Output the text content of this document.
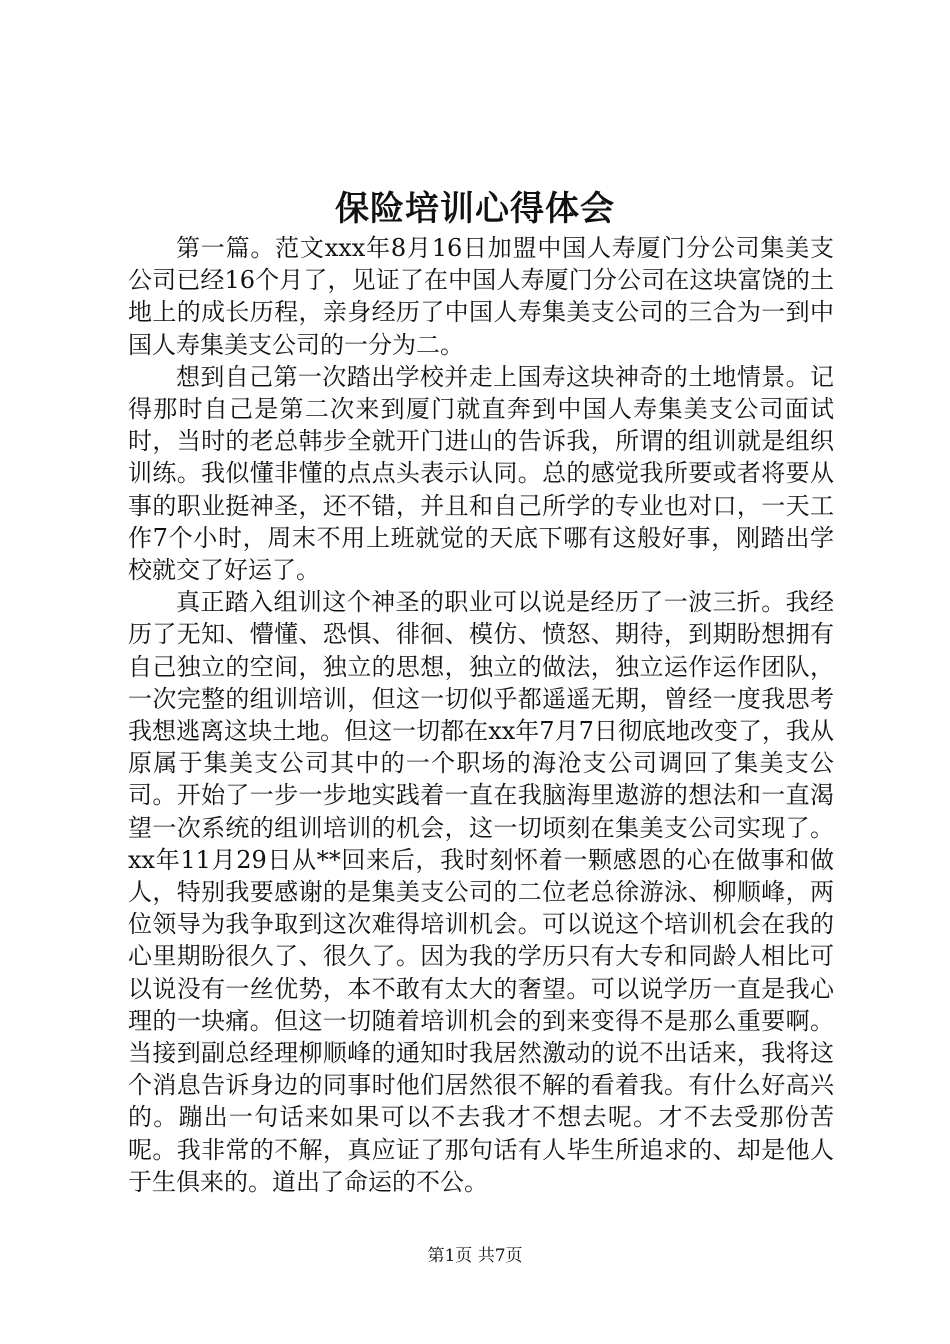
保险培训心得体会

第一篇。范文xxx年8月16日加盟中国人寿厦门分公司集美支公司已经16个月了，见证了在中国人寿厦门分公司在这块富饶的土地上的成长历程，亲身经历了中国人寿集美支公司的三合为一到中国人寿集美支公司的一分为二。

想到自己第一次踏出学校并走上国寿这块神奇的土地情景。记得那时自己是第二次来到厦门就直奔到中国人寿集美支公司面试时，当时的老总韩步全就开门进山的告诉我，所谓的组训就是组织训练。我似懂非懂的点点头表示认同。总的感觉我所要或者将要从事的职业挺神圣，还不错，并且和自己所学的专业也对口，一天工作7个小时，周末不用上班就觉的天底下哪有这般好事，刚踏出学校就交了好运了。

真正踏入组训这个神圣的职业可以说是经历了一波三折。我经历了无知、懵懂、恐惧、徘徊、模仿、愤怒、期待，到期盼想拥有自己独立的空间，独立的思想，独立的做法，独立运作运作团队，一次完整的组训培训，但这一切似乎都遥遥无期，曾经一度我思考我想逃离这块土地。但这一切都在xx年7月7日彻底地改变了，我从原属于集美支公司其中的一个职场的海沧支公司调回了集美支公司。开始了一步一步地实践着一直在我脑海里遨游的想法和一直渴望一次系统的组训培训的机会，这一切顷刻在集美支公司实现了。xx年11月29日从**回来后，我时刻怀着一颗感恩的心在做事和做人，特别我要感谢的是集美支公司的二位老总徐游泳、柳顺峰，两位领导为我争取到这次难得培训机会。可以说这个培训机会在我的心里期盼很久了、很久了。因为我的学历只有大专和同龄人相比可以说没有一丝优势，本不敢有太大的奢望。可以说学历一直是我心理的一块痛。但这一切随着培训机会的到来变得不是那么重要啊。当接到副总经理柳顺峰的通知时我居然激动的说不出话来，我将这个消息告诉身边的同事时他们居然很不解的看着我。有什么好高兴的。蹦出一句话来如果可以不去我才不想去呢。才不去受那份苦呢。我非常的不解，真应证了那句话有人毕生所追求的、却是他人于生俱来的。道出了命运的不公。

第1页 共7页
